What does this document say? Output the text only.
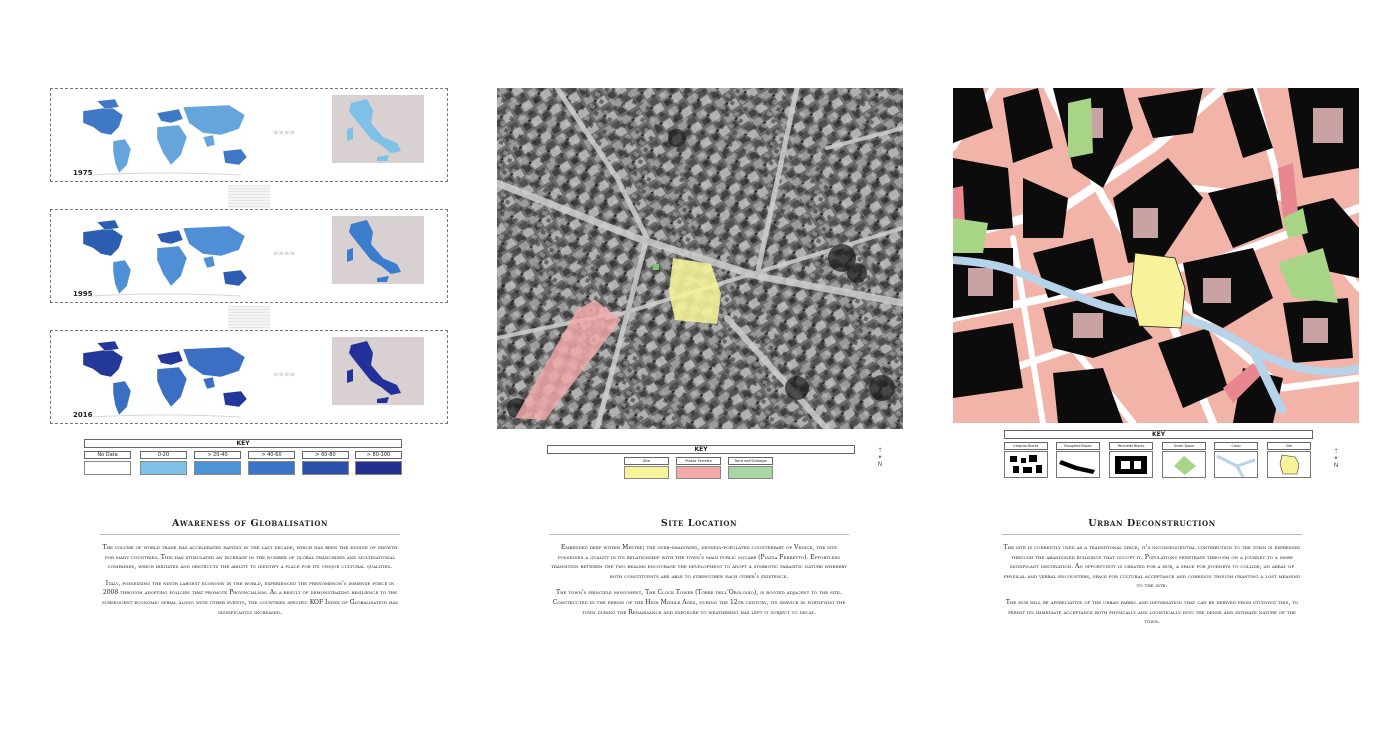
»»»»
1975
»»»»
1995
»»»»
2016
KEY
No Data	0-20	> 20-40	> 40-60	> 60-80	> 80-100
Awareness of Globalisation

The volume of world trade has accelerated rapidly in the last decade, which has been the engine of growth for many countries. This has stimulated an increase in the number of global franchises and multinational companies, which irritates and obstructs the ability to identify a place for its unique cultural qualities.

Italy, possessing the ninth largest economy in the world, experienced the phenomenon's immense force in 2008 through adopting policies that promote Provincialism. As a result of demonstrating resilience to the subsequent economic spiral along with other events, the countries specific KOF Index of Globalisation has significantly increased.

KEY
Site	Piazza Ferretto	Torre dell'Orologio
⇡
✴
N
Site Location

Embedded deep within Mestre; the over-shadowed, densely-populated counterpart of Venice, the site possesses a quality in its relationship with the town's main public square (Piazza Ferretto). Effortless transition between the two realms encourage the development to adopt a symbiotic parasitic nature whereby both constituents are able to strengthen each other's existence.

The town's principle monument, The Clock Tower (Torre dell'Orologio), is rooted adjacent to the site. Constructed in the period of the High Middle Ages, during the 12th century, its service in fortifying the town during the Renaissance and exposure to weathering has left it subject to decay.

KEY
Irregular Blocks	Elongated Blocks	Perimeter Blocks	Green Space	Canal	Site
⇡
✴
N
Urban Deconstruction

The site is currently used as a transitional space, it's inconsequential contribution to the town is expressed through the abandoned buildings that occupy it. Populations penetrate through on a journey to a more significant destination. An opportunity is created for a hub, a space for journeys to collide, an array of physical and verbal encounters, space for cultural acceptance and cohesion though granting a lost meaning to the site.

The hub will be appreciative of the urban fabric and information that can be derived from studying this, to permit its immediate acceptance both physically and logistically into the dense and intimate nature of the town.
